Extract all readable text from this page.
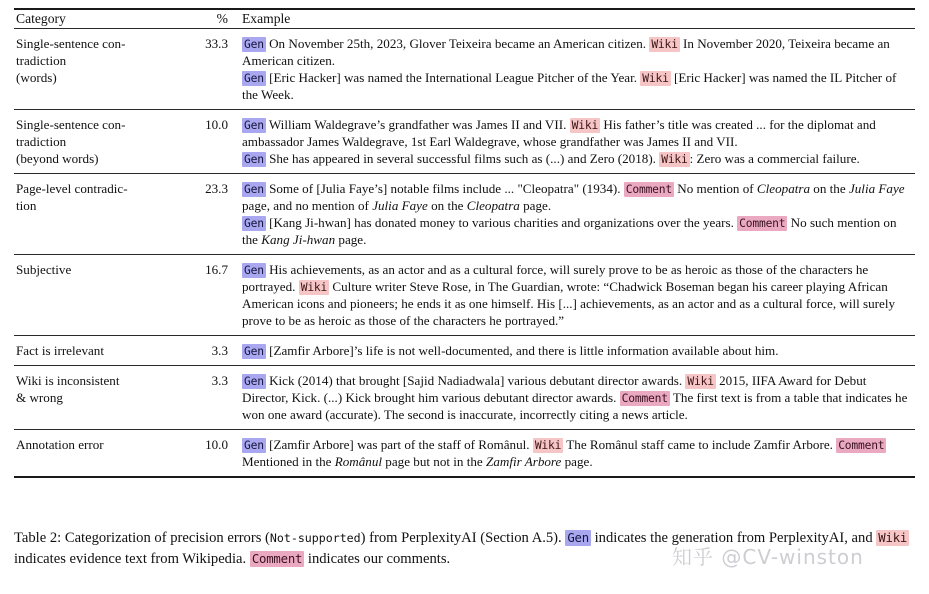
Category	%	Example

Single-sentence con-
tradiction
(words)
	33.3	Gen On November 25th, 2023, Glover Teixeira became an American citizen. Wiki In November 2020, Teixeira became an American citizen.
Gen [Eric Hacker] was named the International League Pitcher of the Year. Wiki [Eric Hacker] was named the IL Pitcher of the Week.

Single-sentence con-
tradiction
(beyond words)
	10.0	Gen William Waldegrave’s grandfather was James II and VII. Wiki His father’s title was created ... for the diplomat and ambassador James Waldegrave, 1st Earl Waldegrave, whose grandfather was James II and VII.
Gen She has appeared in several successful films such as (...) and Zero (2018). Wiki : Zero was a commercial failure.

Page-level contradic-
tion
	23.3	Gen Some of [Julia Faye’s] notable films include ... "Cleopatra" (1934). Comment No mention of Cleopatra on the Julia Faye page, and no mention of Julia Faye on the Cleopatra page.
Gen [Kang Ji-hwan] has donated money to various charities and organizations over the years. Comment No such mention on the Kang Ji-hwan page.

Subjective	16.7	Gen His achievements, as an actor and as a cultural force, will surely prove to be as heroic as those of the characters he portrayed. Wiki Culture writer Steve Rose, in The Guardian, wrote: “Chadwick Boseman began his career playing African American icons and pioneers; he ends it as one himself. His [...] achievements, as an actor and as a cultural force, will surely prove to be as heroic as those of the characters he portrayed.”

Fact is irrelevant	3.3	Gen [Zamfir Arbore]’s life is not well-documented, and there is little information available about him.

Wiki is inconsistent
& wrong	3.3	Gen Kick (2014) that brought [Sajid Nadiadwala] various debutant director awards. Wiki 2015, IIFA Award for Debut Director, Kick. (...) Kick brought him various debutant director awards. Comment The first text is from a table that indicates he won one award (accurate). The second is inaccurate, incorrectly citing a news article.

Annotation error	10.0	Gen [Zamfir Arbore] was part of the staff of Românul. Wiki The Românul staff came to include Zamfir Arbore. Comment Mentioned in the Românul page but not in the Zamfir Arbore page.

Table 2: Categorization of precision errors (Not-supported) from PerplexityAI (Section A.5). Gen indicates the generation from PerplexityAI, and Wiki indicates evidence text from Wikipedia. Comment indicates our comments.	知乎 @CV-winston
